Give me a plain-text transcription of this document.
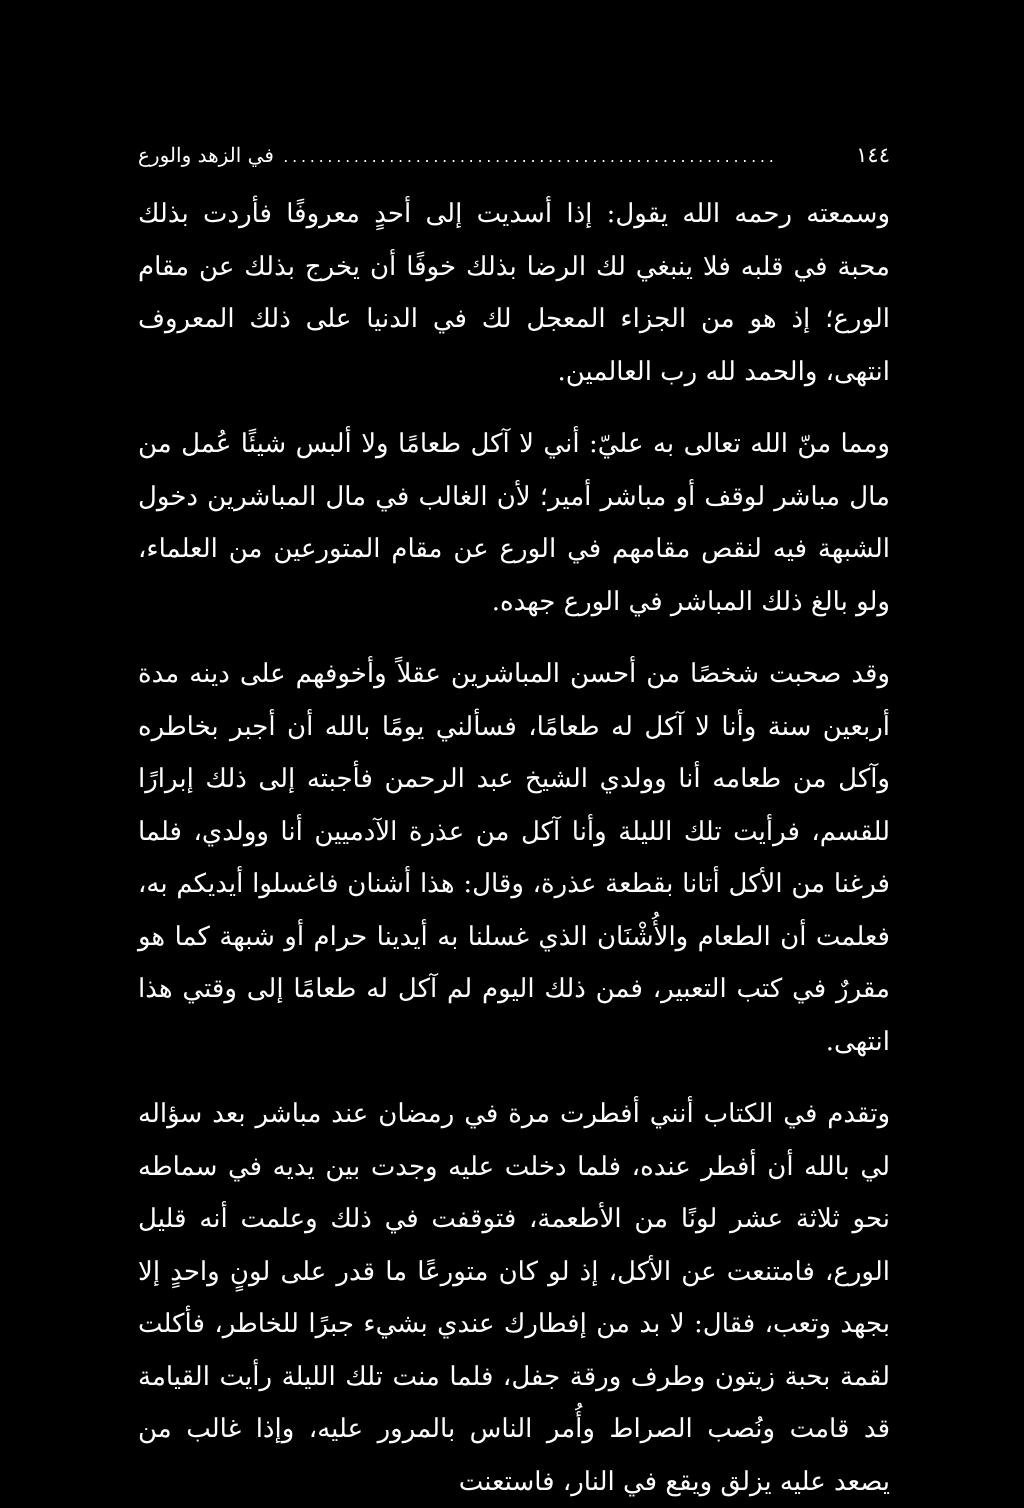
١٤٤
........................................................
في الزهد والورع

وسمعته رحمه الله يقول: إذا أسديت إلى أحدٍ معروفًا فأردت بذلك محبة في قلبه فلا ينبغي لك الرضا بذلك خوفًا أن يخرج بذلك عن مقام الورع؛ إذ هو من الجزاء المعجل لك في الدنيا على ذلك المعروف انتهى، والحمد لله رب العالمين.

ومما منّ الله تعالى به عليّ: أني لا آكل طعامًا ولا ألبس شيئًا عُمل من مال مباشر لوقف أو مباشر أمير؛ لأن الغالب في مال المباشرين دخول الشبهة فيه لنقص مقامهم في الورع عن مقام المتورعين من العلماء، ولو بالغ ذلك المباشر في الورع جهده.

وقد صحبت شخصًا من أحسن المباشرين عقلاً وأخوفهم على دينه مدة أربعين سنة وأنا لا آكل له طعامًا، فسألني يومًا بالله أن أجبر بخاطره وآكل من طعامه أنا وولدي الشيخ عبد الرحمن فأجبته إلى ذلك إبرارًا للقسم، فرأيت تلك الليلة وأنا آكل من عذرة الآدميين أنا وولدي، فلما فرغنا من الأكل أتانا بقطعة عذرة، وقال: هذا أشنان فاغسلوا أيديكم به، فعلمت أن الطعام والأُشْنَان الذي غسلنا به أيدينا حرام أو شبهة كما هو مقررٌ في كتب التعبير، فمن ذلك اليوم لم آكل له طعامًا إلى وقتي هذا انتهى.

وتقدم في الكتاب أنني أفطرت مرة في رمضان عند مباشر بعد سؤاله لي بالله أن أفطر عنده، فلما دخلت عليه وجدت بين يديه في سماطه نحو ثلاثة عشر لونًا من الأطعمة، فتوقفت في ذلك وعلمت أنه قليل الورع، فامتنعت عن الأكل، إذ لو كان متورعًا ما قدر على لونٍ واحدٍ إلا بجهد وتعب، فقال: لا بد من إفطارك عندي بشيء جبرًا للخاطر، فأكلت لقمة بحبة زيتون وطرف ورقة جفل، فلما منت تلك الليلة رأيت القيامة قد قامت ونُصب الصراط وأُمر الناس بالمرور عليه، وإذا غالب من يصعد عليه يزلق ويقع في النار، فاستعنت
